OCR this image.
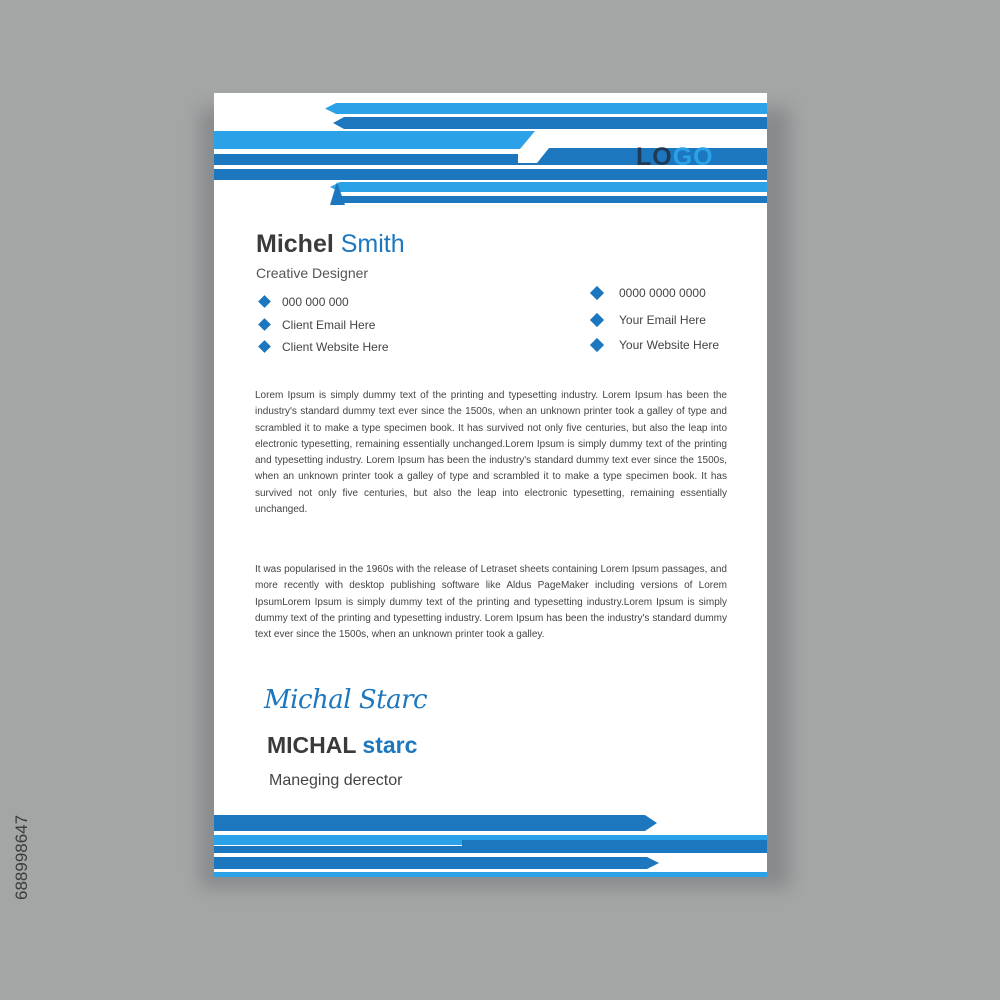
LOGO

Michel Smith

Creative Designer

000 000 000
Client Email Here
Client Website Here
0000 0000 0000
Your Email Here
Your Website Here

Lorem Ipsum is simply dummy text of the printing and typesetting industry. Lorem Ipsum has been the industry's standard dummy text ever since the 1500s, when an unknown printer took a galley of type and scrambled it to make a type specimen book. It has survived not only five centuries, but also the leap into electronic typesetting, remaining essentially unchanged.Lorem Ipsum is simply dummy text of the printing and typesetting industry. Lorem Ipsum has been the industry's standard dummy text ever since the 1500s, when an unknown printer took a galley of type and scrambled it to make a type specimen book. It has survived not only five centuries, but also the leap into electronic typesetting, remaining essentially unchanged.

It was popularised in the 1960s with the release of Letraset sheets containing Lorem Ipsum passages, and more recently with desktop publishing software like Aldus PageMaker including versions of Lorem IpsumLorem Ipsum is simply dummy text of the printing and typesetting industry.Lorem Ipsum is simply dummy text of the printing and typesetting industry. Lorem Ipsum has been the industry's standard dummy text ever since the 1500s, when an unknown printer took a galley.

Michal Starc

MICHAL starc

Maneging derector

688998647
